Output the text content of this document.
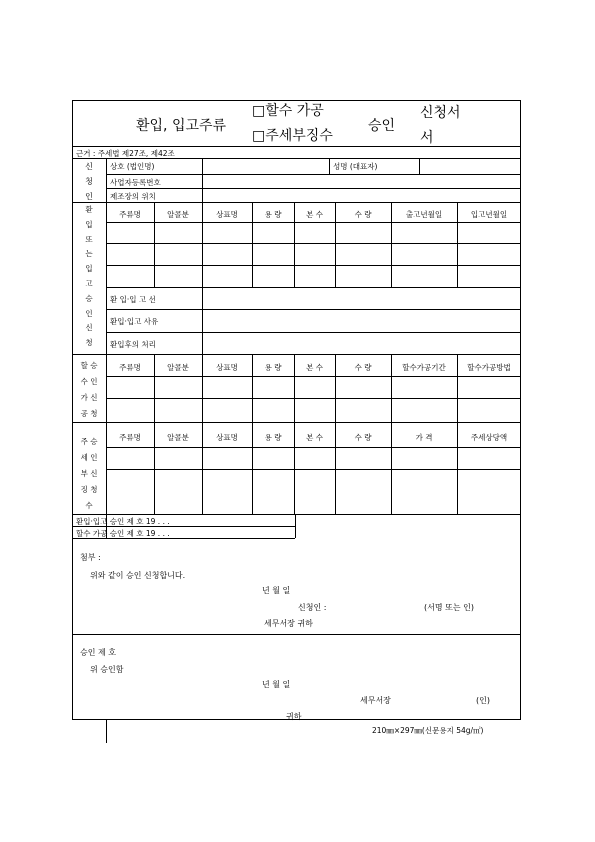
환입, 입고주류
□할수 가공
□주세부징수
승인
신청서
서
근거 : 주세법 제27조, 제42조
신
청
인
상호 (법인명)	성명 (대표자)
사업자등록번호
제조장의 위치
환
입
또
는
입
고
승
인
신
청
주류명	알콜분	상표명	용 량	본 수	수 량	출고년월일	입고년월일
환 입·입 고 선
환입·입고 사유
환입후의 처리
할 승
수 인
가 신
공 청
주류명	알콜분	상표명	용 량	본 수	수 량	할수가공기간	할수가공방법
주 승
세 인
부 신
징 청
수
주류명	알콜분	상표명	용 량	본 수	수 량	가 격	주세상당액
환입·입고 승인 제 호 19 . . .
할수 가공 승인 제 호 19 . . .
첨부 :
위와 같이 승인 신청합니다.
년 월 일
신청인 :	(서명 또는 인)
세무서장 귀하
승인 제 호
위 승인함
년 월 일
세무서장	(인)
귀하
210㎜×297㎜(신문용지 54g/㎡)
